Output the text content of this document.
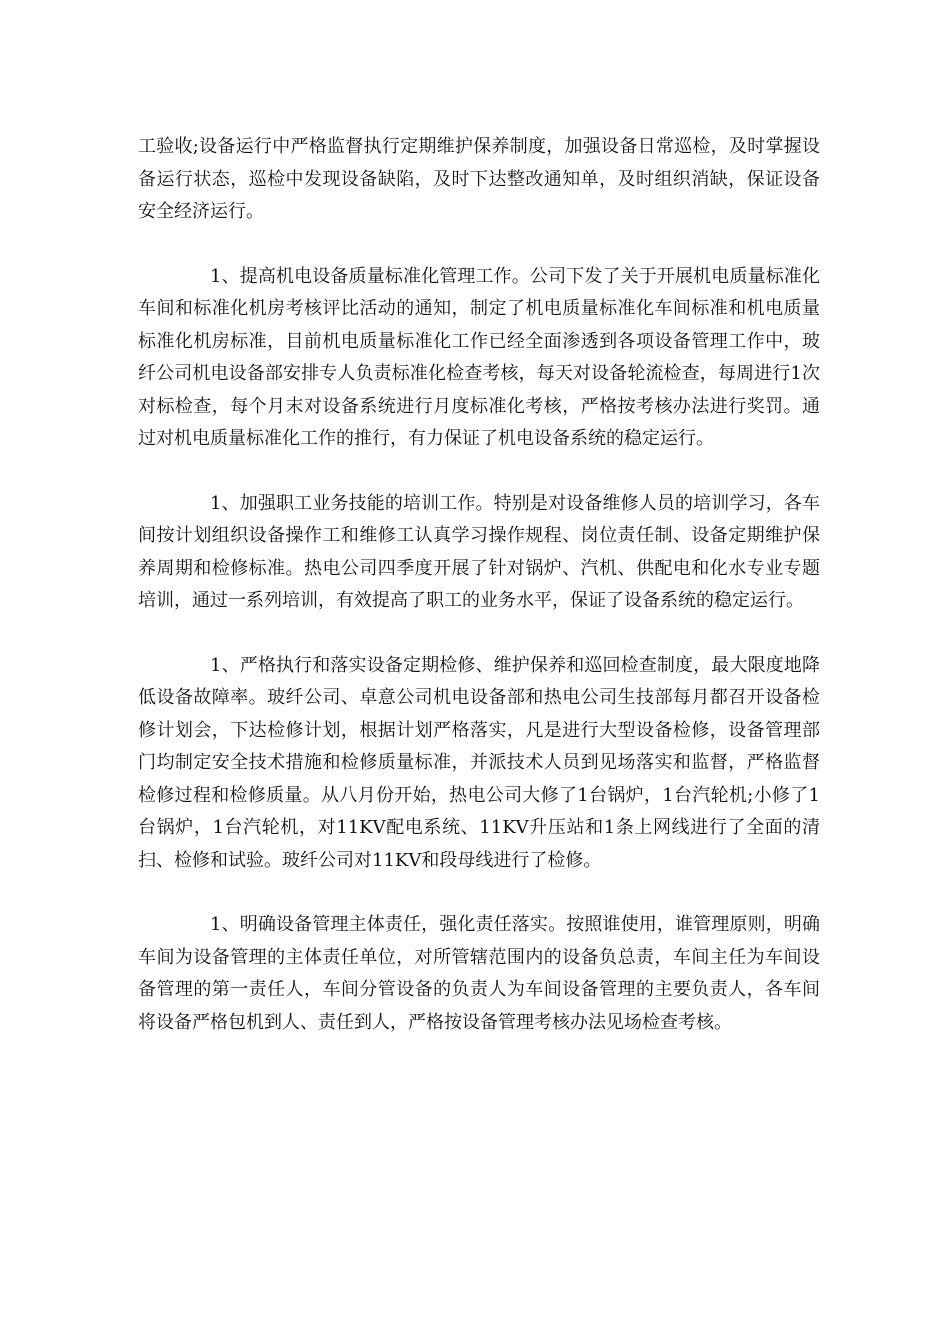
工验收;设备运行中严格监督执行定期维护保养制度，加强设备日常巡检，及时掌握设备运行状态，巡检中发现设备缺陷，及时下达整改通知单，及时组织消缺，保证设备安全经济运行。

1、提高机电设备质量标准化管理工作。公司下发了关于开展机电质量标准化车间和标准化机房考核评比活动的通知，制定了机电质量标准化车间标准和机电质量标准化机房标准，目前机电质量标准化工作已经全面渗透到各项设备管理工作中，玻纤公司机电设备部安排专人负责标准化检查考核，每天对设备轮流检查，每周进行1次对标检查，每个月末对设备系统进行月度标准化考核，严格按考核办法进行奖罚。通过对机电质量标准化工作的推行，有力保证了机电设备系统的稳定运行。

1、加强职工业务技能的培训工作。特别是对设备维修人员的培训学习，各车间按计划组织设备操作工和维修工认真学习操作规程、岗位责任制、设备定期维护保养周期和检修标准。热电公司四季度开展了针对锅炉、汽机、供配电和化水专业专题培训，通过一系列培训，有效提高了职工的业务水平，保证了设备系统的稳定运行。

1、严格执行和落实设备定期检修、维护保养和巡回检查制度，最大限度地降低设备故障率。玻纤公司、卓意公司机电设备部和热电公司生技部每月都召开设备检修计划会，下达检修计划，根据计划严格落实，凡是进行大型设备检修，设备管理部门均制定安全技术措施和检修质量标准，并派技术人员到见场落实和监督，严格监督检修过程和检修质量。从八月份开始，热电公司大修了1台锅炉，1台汽轮机;小修了1台锅炉，1台汽轮机，对11KV配电系统、11KV升压站和1条上网线进行了全面的清扫、检修和试验。玻纤公司对11KV和段母线进行了检修。

1、明确设备管理主体责任，强化责任落实。按照谁使用，谁管理原则，明确车间为设备管理的主体责任单位，对所管辖范围内的设备负总责，车间主任为车间设备管理的第一责任人，车间分管设备的负责人为车间设备管理的主要负责人，各车间将设备严格包机到人、责任到人，严格按设备管理考核办法见场检查考核。
